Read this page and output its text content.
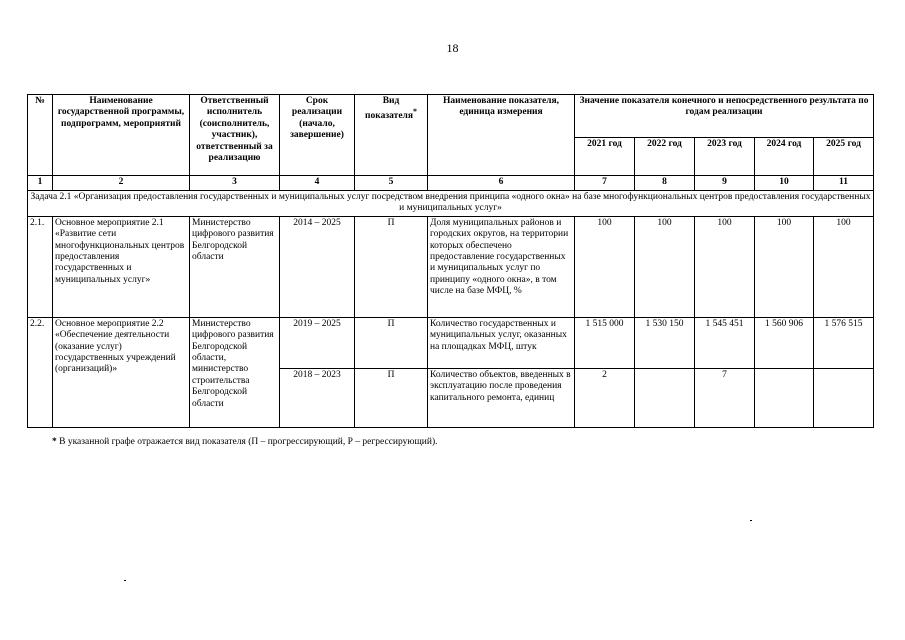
18
№	Наименование государственной программы, подпрограмм, мероприятий	Ответственный исполнитель (соисполнитель, участник), ответственный за реализацию	Срок реализации (начало, завершение)	Вид показателя*	Наименование показателя, единица измерения	Значение показателя конечного и непосредственного результата по годам реализации				
						2021 год	2022 год	2023 год	2024 год	2025 год
1	2	3	4	5	6	7	8	9	10	11
Задача 2.1 «Организация предоставления государственных и муниципальных услуг посредством внедрения принципа «одного окна» на базе многофункциональных центров предоставления государственных и муниципальных услуг»										
2.1.	Основное мероприятие 2.1 «Развитие сети многофункциональных центров предоставления государственных и муниципальных услуг»	Министерство цифрового развития Белгородской области	2014 – 2025	П	Доля муниципальных районов и городских округов, на территории которых обеспечено предоставление государственных и муниципальных услуг по принципу «одного окна», в том числе на базе МФЦ, %	100	100	100	100	100
2.2.	Основное мероприятие 2.2 «Обеспечение деятельности (оказание услуг) государственных учреждений (организаций)»	Министерство цифрового развития Белгородской области, министерство строительства Белгородской области	2019 – 2025	П	Количество государственных и муниципальных услуг, оказанных на площадках МФЦ, штук	1 515 000	1 530 150	1 545 451	1 560 906	1 576 515
			2018 – 2023	П	Количество объектов, введенных в эксплуатацию после проведения капитального ремонта, единиц	2		7		
* В указанной графе отражается вид показателя (П – прогрессирующий, Р – регрессирующий).
